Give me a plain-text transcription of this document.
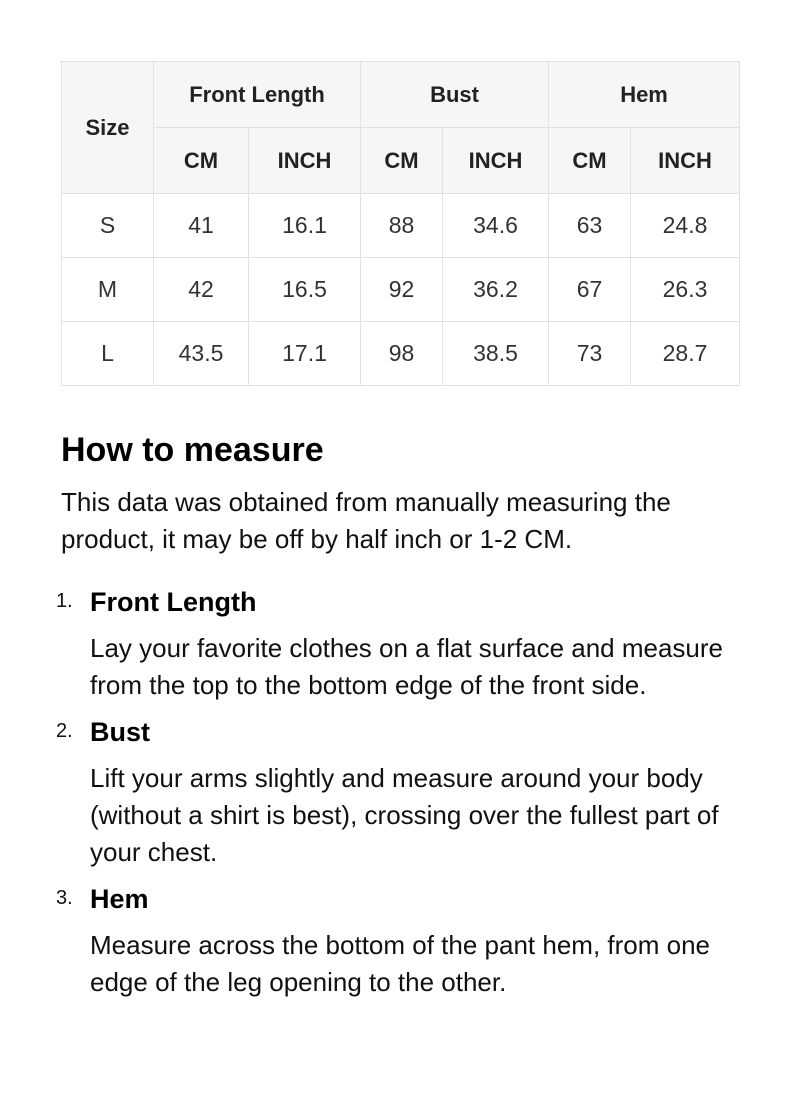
Size	Front Length		Bust		Hem	
	CM	INCH	CM	INCH	CM	INCH
S	41	16.1	88	34.6	63	24.8
M	42	16.5	92	36.2	67	26.3
L	43.5	17.1	98	38.5	73	28.7
How to measure

This data was obtained from manually measuring the product, it may be off by half inch or 1-2 CM.

1. Front Length
Lay your favorite clothes on a flat surface and measure from the top to the bottom edge of the front side.
2. Bust
Lift your arms slightly and measure around your body (without a shirt is best), crossing over the fullest part of your chest.
3. Hem
Measure across the bottom of the pant hem, from one edge of the leg opening to the other.
